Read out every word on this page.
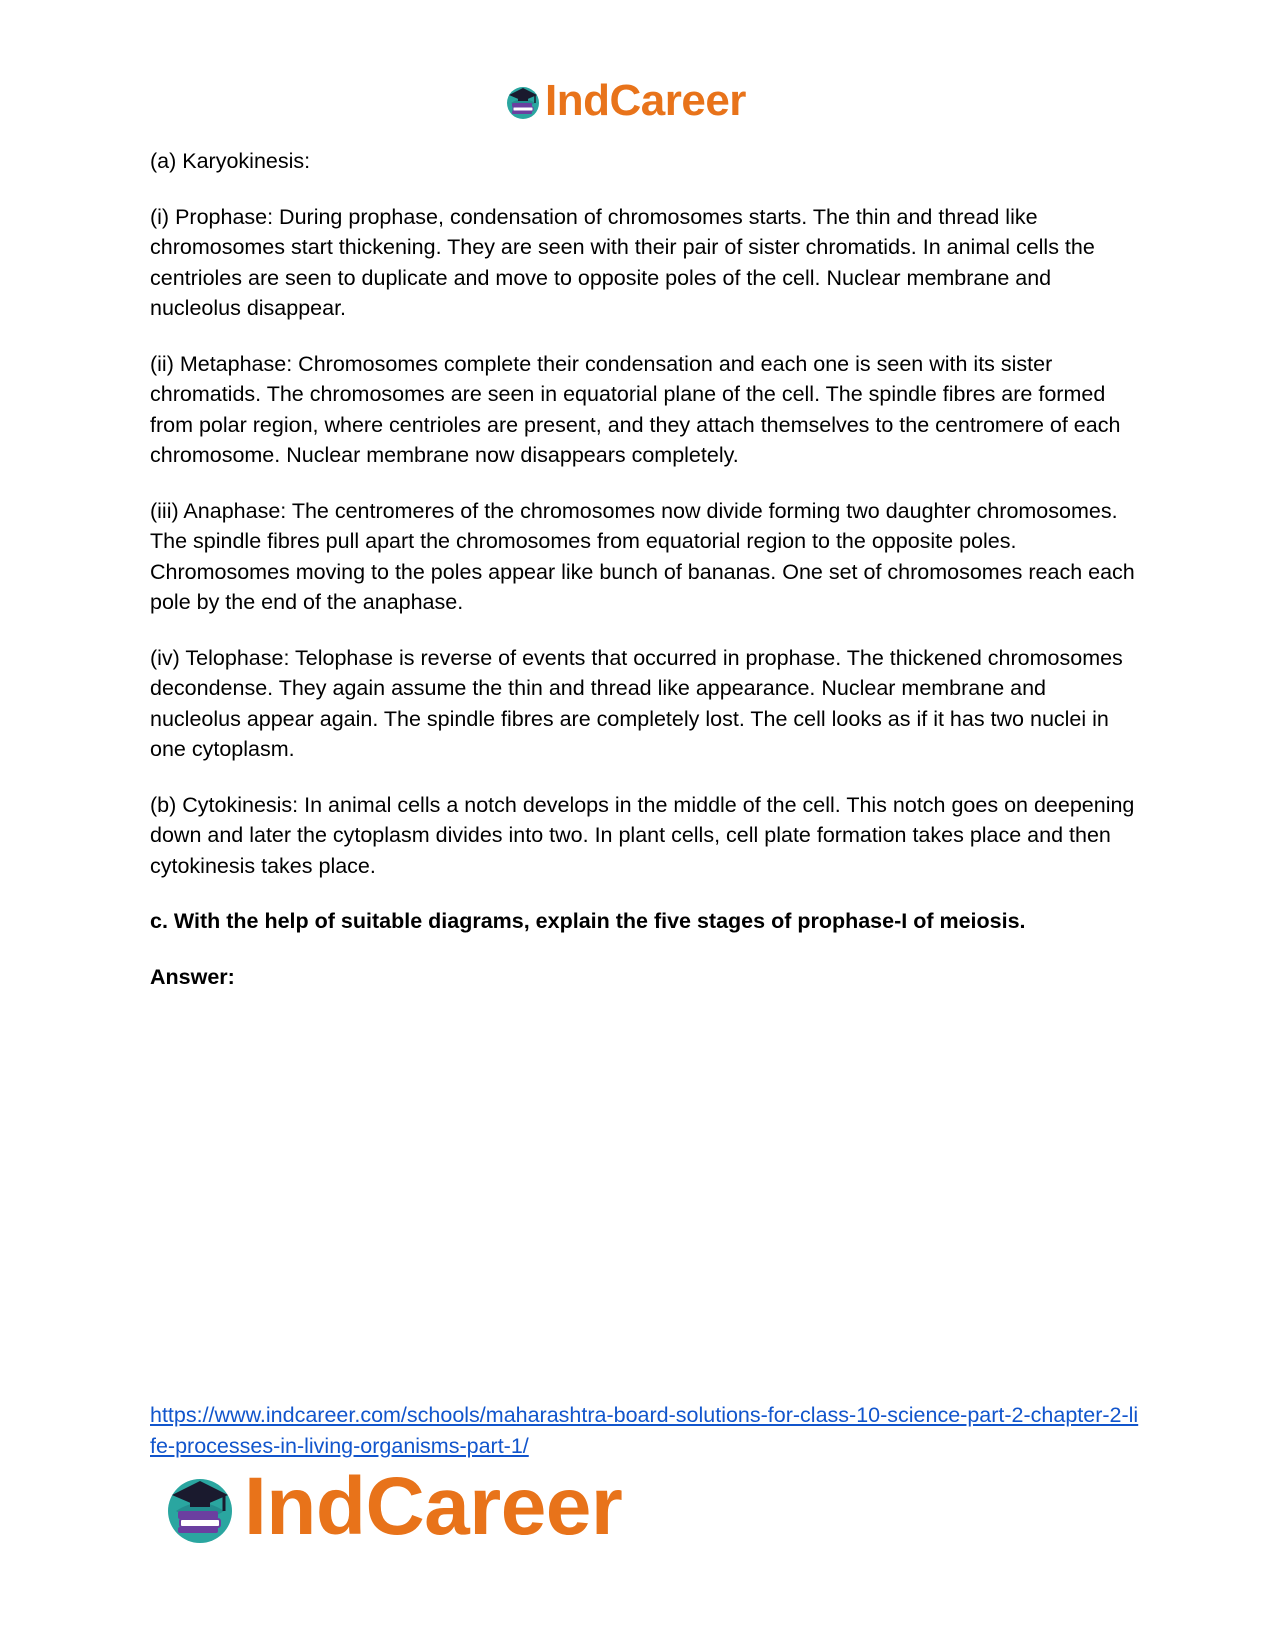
IndCareer

(a) Karyokinesis:

(i) Prophase: During prophase, condensation of chromosomes starts. The thin and thread like chromosomes start thickening. They are seen with their pair of sister chromatids. In animal cells the centrioles are seen to duplicate and move to opposite poles of the cell. Nuclear membrane and nucleolus disappear.

(ii) Metaphase: Chromosomes complete their condensation and each one is seen with its sister chromatids. The chromosomes are seen in equatorial plane of the cell. The spindle fibres are formed from polar region, where centrioles are present, and they attach themselves to the centromere of each chromosome. Nuclear membrane now disappears completely.

(iii) Anaphase: The centromeres of the chromosomes now divide forming two daughter chromosomes. The spindle fibres pull apart the chromosomes from equatorial region to the opposite poles. Chromosomes moving to the poles appear like bunch of bananas. One set of chromosomes reach each pole by the end of the anaphase.

(iv) Telophase: Telophase is reverse of events that occurred in prophase. The thickened chromosomes decondense. They again assume the thin and thread like appearance. Nuclear membrane and nucleolus appear again. The spindle fibres are completely lost. The cell looks as if it has two nuclei in one cytoplasm.

(b) Cytokinesis: In animal cells a notch develops in the middle of the cell. This notch goes on deepening down and later the cytoplasm divides into two. In plant cells, cell plate formation takes place and then cytokinesis takes place.

c. With the help of suitable diagrams, explain the five stages of prophase-I of meiosis.

Answer:

https://www.indcareer.com/schools/maharashtra-board-solutions-for-class-10-science-part-2-chapter-2-life-processes-in-living-organisms-part-1/
IndCareer
